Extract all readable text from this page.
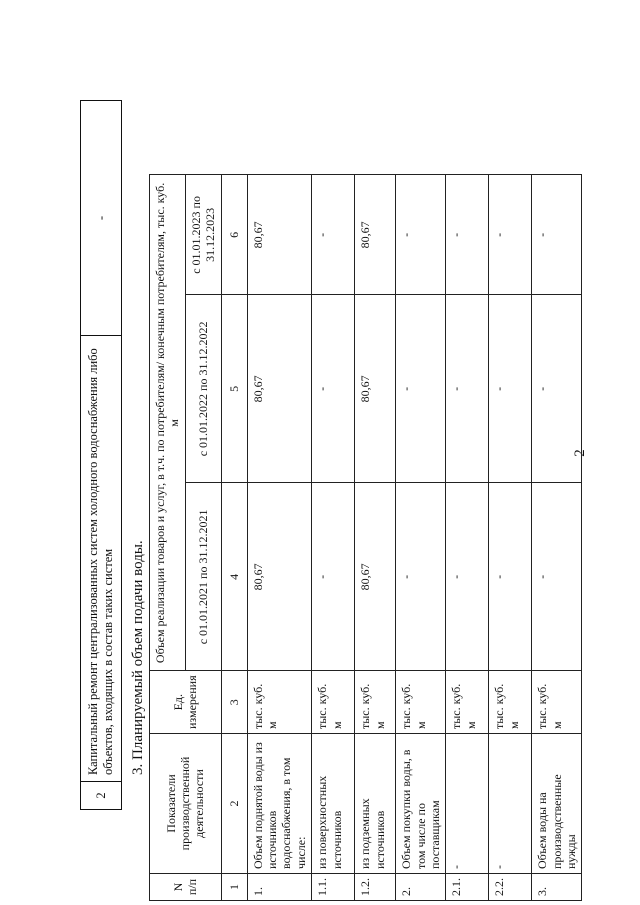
2
2	Капитальный ремонт централизованных систем холодного водоснабжения либо объектов, входящих в состав таких систем	-
3. Планируемый объем подачи воды.
N п/п	Показатели производственной деятельности	Ед. измерения	Объем реализации товаров и услуг, в т.ч. по потребителям/ конечным потребителям, тыс. куб. м		
			с 01.01.2021 по 31.12.2021	с 01.01.2022 по 31.12.2022	с 01.01.2023 по 31.12.2023
1	2	3	4	5	6
1.	Объем поднятой воды из источников водоснабжения, в том числе:	тыс. куб. м	80,67	80,67	80,67
1.1.	из поверхностных источников	тыс. куб. м	-	-	-
1.2.	из подземных источников	тыс. куб. м	80,67	80,67	80,67
2.	Объем покупки воды, в том числе по поставщикам	тыс. куб. м	-	-	-
2.1.	-	тыс. куб. м	-	-	-
2.2.	-	тыс. куб. м	-	-	-
3.	Объем воды на производственные нужды	тыс. куб. м	-	-	-
